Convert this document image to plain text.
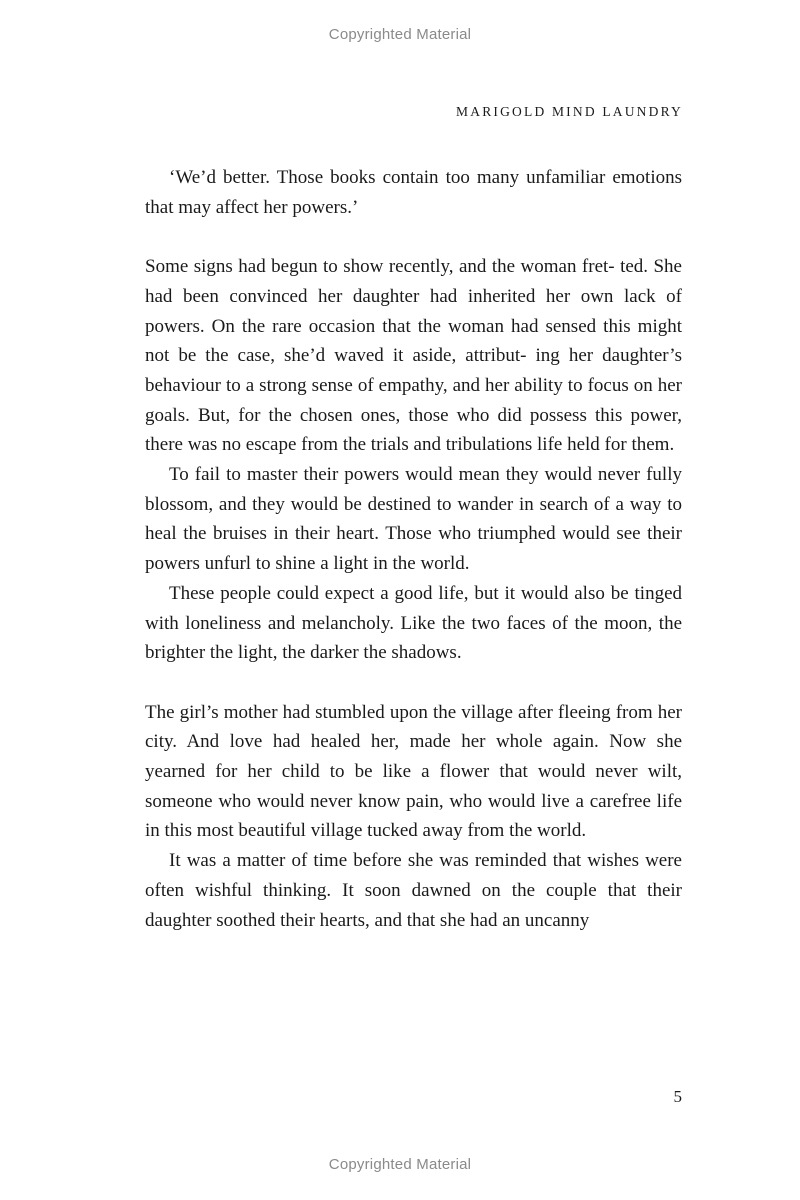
Copyrighted Material
MARIGOLD MIND LAUNDRY

‘We’d better. Those books contain too many unfamiliar emotions that may affect her powers.’

Some signs had begun to show recently, and the woman fret- ted. She had been convinced her daughter had inherited her own lack of powers. On the rare occasion that the woman had sensed this might not be the case, she’d waved it aside, attribut- ing her daughter’s behaviour to a strong sense of empathy, and her ability to focus on her goals. But, for the chosen ones, those who did possess this power, there was no escape from the trials and tribulations life held for them.

To fail to master their powers would mean they would never fully blossom, and they would be destined to wander in search of a way to heal the bruises in their heart. Those who triumphed would see their powers unfurl to shine a light in the world.

These people could expect a good life, but it would also be tinged with loneliness and melancholy. Like the two faces of the moon, the brighter the light, the darker the shadows.

The girl’s mother had stumbled upon the village after fleeing from her city. And love had healed her, made her whole again. Now she yearned for her child to be like a flower that would never wilt, someone who would never know pain, who would live a carefree life in this most beautiful village tucked away from the world.

It was a matter of time before she was reminded that wishes were often wishful thinking. It soon dawned on the couple that their daughter soothed their hearts, and that she had an uncanny

5
Copyrighted Material
